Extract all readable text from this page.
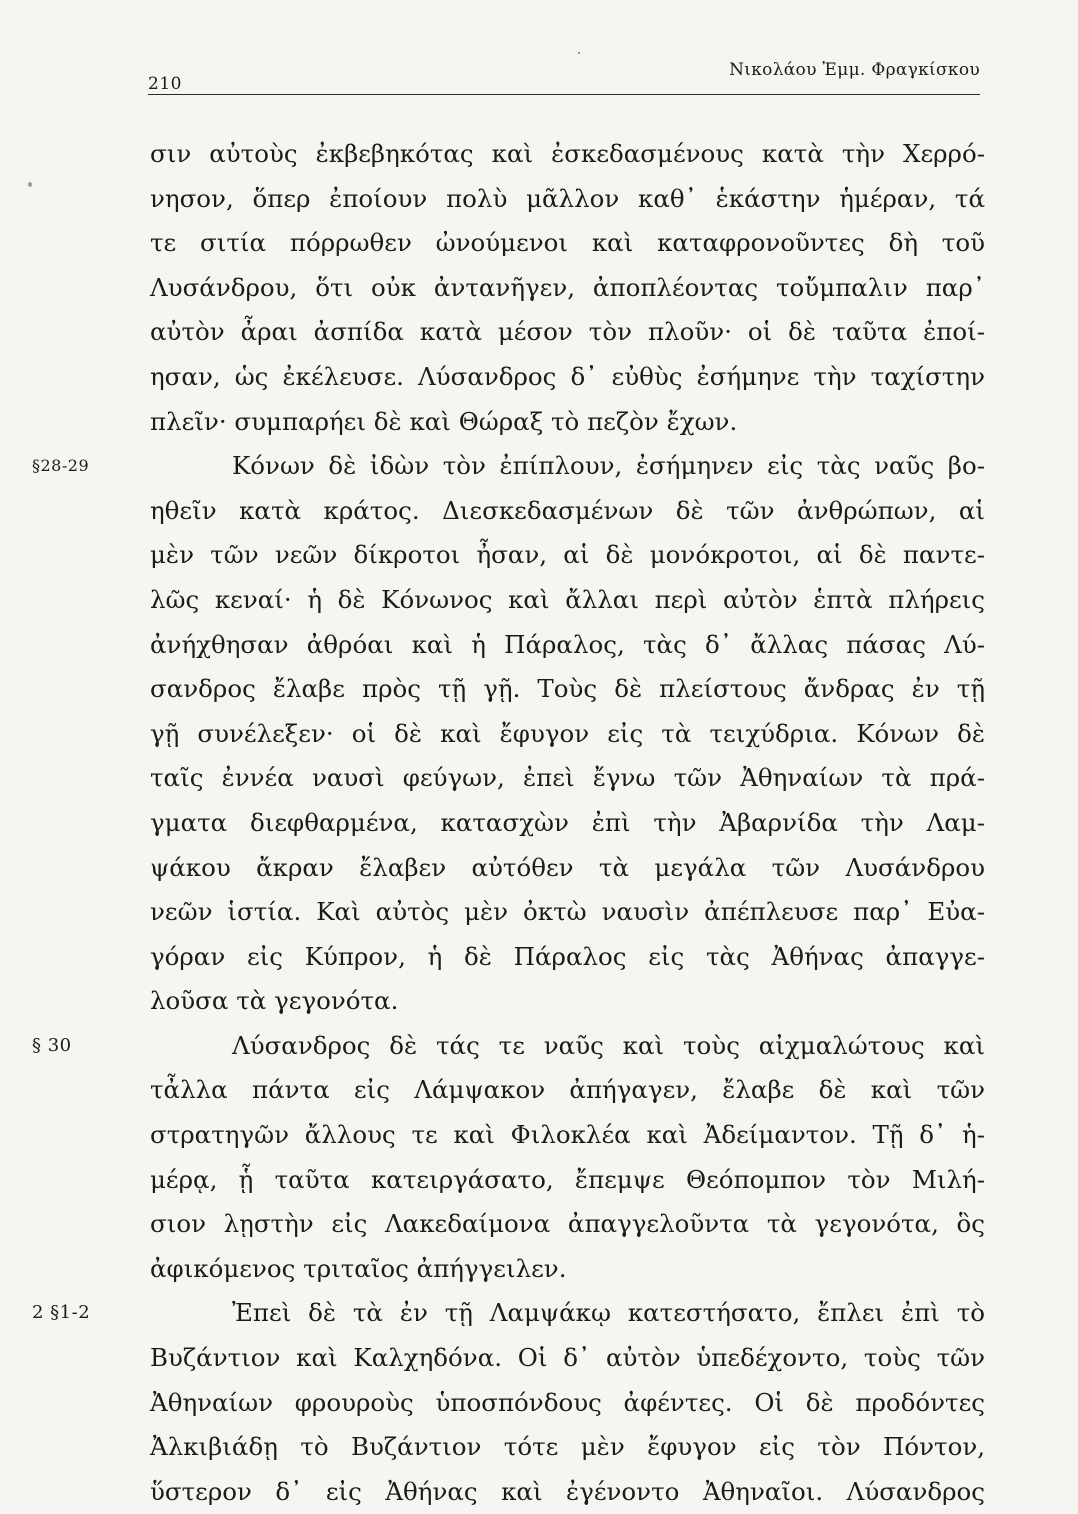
210
Νικολάου Ἐμμ. Φραγκίσκου
σιν αὐτοὺς ἐκβεβηκότας καὶ ἐσκεδασμένους κατὰ τὴν Χερρό-
νησον, ὅπερ ἐποίουν πολὺ μᾶλλον καθ᾽ ἑκάστην ἡμέραν, τά
τε σιτία πόρρωθεν ὠνούμενοι καὶ καταφρονοῦντες δὴ τοῦ
Λυσάνδρου, ὅτι οὐκ ἀντανῆγεν, ἀποπλέοντας τοὔμπαλιν παρ᾽
αὐτὸν ἆραι ἀσπίδα κατὰ μέσον τὸν πλοῦν· οἱ δὲ ταῦτα ἐποί-
ησαν, ὡς ἐκέλευσε. Λύσανδρος δ᾽ εὐθὺς ἐσήμηνε τὴν ταχίστην
πλεῖν· συμπαρήει δὲ καὶ Θώραξ τὸ πεζὸν ἔχων.
§28-29	Κόνων δὲ ἰδὼν τὸν ἐπίπλουν, ἐσήμηνεν εἰς τὰς ναῦς βο-
ηθεῖν κατὰ κράτος. Διεσκεδασμένων δὲ τῶν ἀνθρώπων, αἱ
μὲν τῶν νεῶν δίκροτοι ἦσαν, αἱ δὲ μονόκροτοι, αἱ δὲ παντε-
λῶς κεναί· ἡ δὲ Κόνωνος καὶ ἄλλαι περὶ αὐτὸν ἑπτὰ πλήρεις
ἀνήχθησαν ἀθρόαι καὶ ἡ Πάραλος, τὰς δ᾽ ἄλλας πάσας Λύ-
σανδρος ἔλαβε πρὸς τῇ γῇ. Τοὺς δὲ πλείστους ἄνδρας ἐν τῇ
γῇ συνέλεξεν· οἱ δὲ καὶ ἔφυγον εἰς τὰ τειχύδρια. Κόνων δὲ
ταῖς ἐννέα ναυσὶ φεύγων, ἐπεὶ ἔγνω τῶν Ἀθηναίων τὰ πρά-
γματα διεφθαρμένα, κατασχὼν ἐπὶ τὴν Ἀβαρνίδα τὴν Λαμ-
ψάκου ἄκραν ἔλαβεν αὐτόθεν τὰ μεγάλα τῶν Λυσάνδρου
νεῶν ἱστία. Καὶ αὐτὸς μὲν ὀκτὼ ναυσὶν ἀπέπλευσε παρ᾽ Εὐα-
γόραν εἰς Κύπρον, ἡ δὲ Πάραλος εἰς τὰς Ἀθήνας ἀπαγγε-
λοῦσα τὰ γεγονότα.
§ 30	Λύσανδρος δὲ τάς τε ναῦς καὶ τοὺς αἰχμαλώτους καὶ
τἆλλα πάντα εἰς Λάμψακον ἀπήγαγεν, ἔλαβε δὲ καὶ τῶν
στρατηγῶν ἄλλους τε καὶ Φιλοκλέα καὶ Ἀδείμαντον. Τῇ δ᾽ ἡ-
μέρᾳ, ᾗ ταῦτα κατειργάσατο, ἔπεμψε Θεόπομπον τὸν Μιλή-
σιον λῃστὴν εἰς Λακεδαίμονα ἀπαγγελοῦντα τὰ γεγονότα, ὃς
ἀφικόμενος τριταῖος ἀπήγγειλεν.
2 §1-2	Ἐπεὶ δὲ τὰ ἐν τῇ Λαμψάκῳ κατεστήσατο, ἔπλει ἐπὶ τὸ
Βυζάντιον καὶ Καλχηδόνα. Οἱ δ᾽ αὐτὸν ὑπεδέχοντο, τοὺς τῶν
Ἀθηναίων φρουροὺς ὑποσπόνδους ἀφέντες. Οἱ δὲ προδόντες
Ἀλκιβιάδῃ τὸ Βυζάντιον τότε μὲν ἔφυγον εἰς τὸν Πόντον,
ὕστερον δ᾽ εἰς Ἀθήνας καὶ ἐγένοντο Ἀθηναῖοι. Λύσανδρος
